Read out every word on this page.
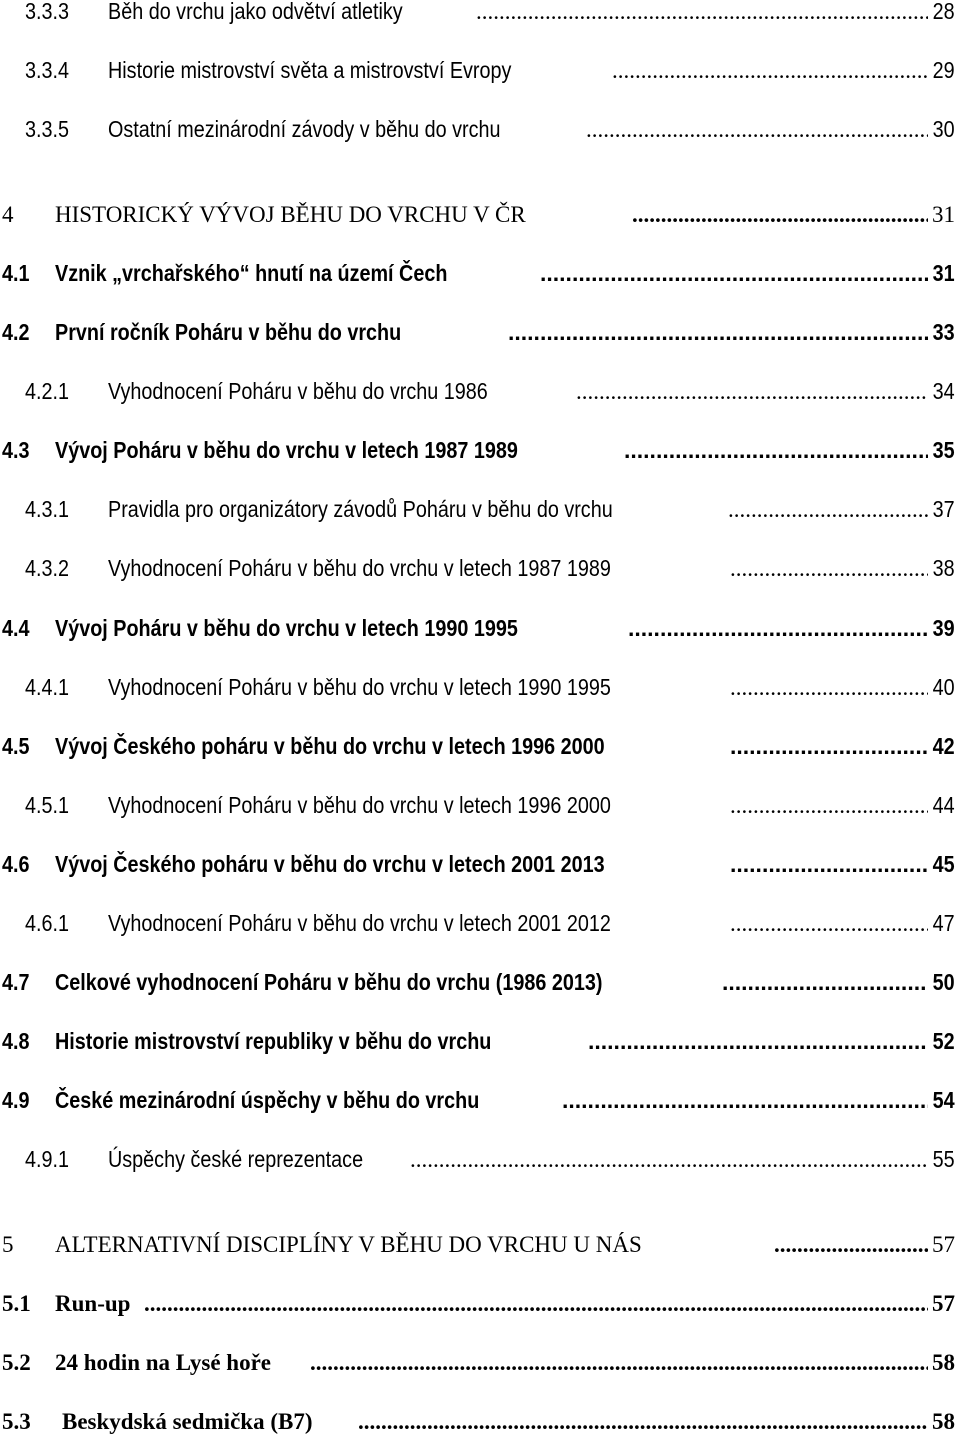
3.3.3	Běh do vrchu jako odvětví atletiky .....	28
3.3.4	Historie mistrovství světa a mistrovství Evropy .....	29
3.3.5	Ostatní mezinárodní závody v běhu do vrchu .....	30
4 HISTORICKÝ VÝVOJ BĚHU DO VRCHU V ČR .....	31
4.1 Vznik „vrchařského“ hnutí na území Čech .....	31
4.2 První ročník Poháru v běhu do vrchu .....	33
4.2.1	Vyhodnocení Poháru v běhu do vrchu 1986 .....	34
4.3 Vývoj Poháru v běhu do vrchu v letech 1987 1989 .....	35
4.3.1	Pravidla pro organizátory závodů Poháru v běhu do vrchu .....	37
4.3.2	Vyhodnocení Poháru v běhu do vrchu v letech 1987 1989 .....	38
4.4 Vývoj Poháru v běhu do vrchu v letech 1990 1995 .....	39
4.4.1	Vyhodnocení Poháru v běhu do vrchu v letech 1990 1995 .....	40
4.5 Vývoj Českého poháru v běhu do vrchu v letech 1996 2000 .....	42
4.5.1	Vyhodnocení Poháru v běhu do vrchu v letech 1996 2000 .....	44
4.6 Vývoj Českého poháru v běhu do vrchu v letech 2001 2013 .....	45
4.6.1	Vyhodnocení Poháru v běhu do vrchu v letech 2001 2012 .....	47
4.7 Celkové vyhodnocení Poháru v běhu do vrchu (1986 2013) .....	50
4.8 Historie mistrovství republiky v běhu do vrchu .....	52
4.9 České mezinárodní úspěchy v běhu do vrchu .....	54
4.9.1	Úspěchy české reprezentace .....	55
5 ALTERNATIVNÍ DISCIPLÍNY V BĚHU DO VRCHU U NÁS .....	57
5.1 Run-up .....	57
5.2 24 hodin na Lysé hoře .....	58
5.3 Beskydská sedmička (B7) .....	58
